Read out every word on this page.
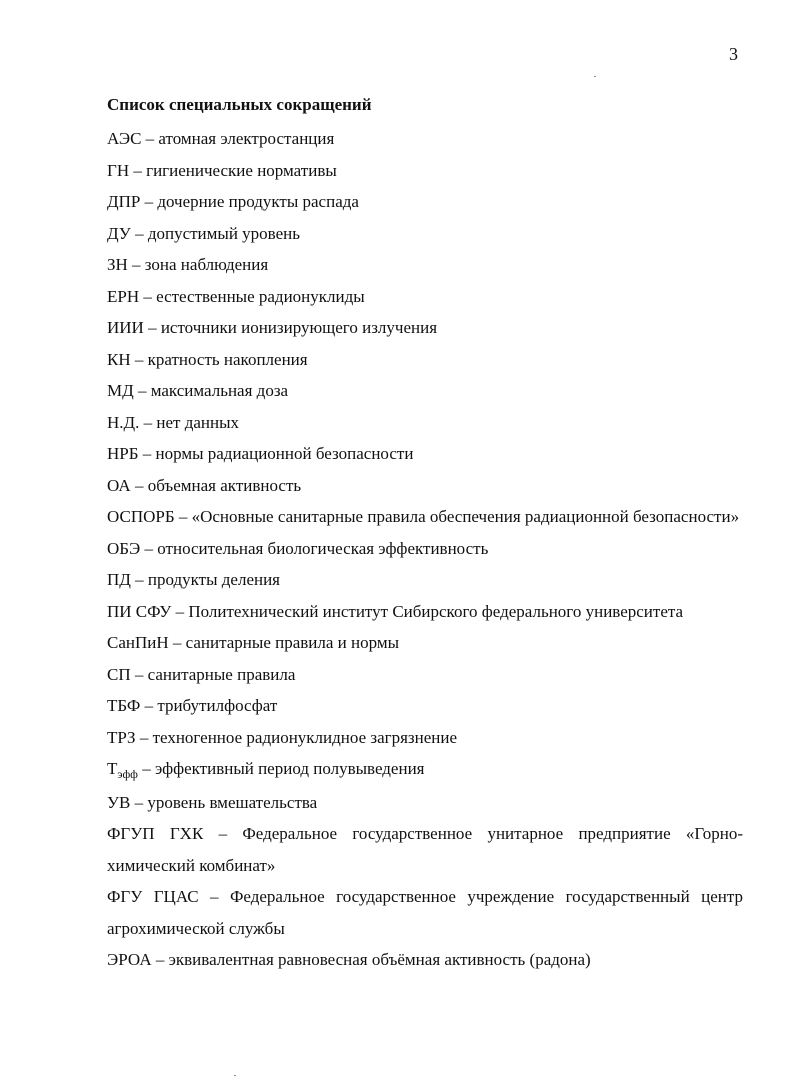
3
Список специальных сокращений

АЭС – атомная электростанция

ГН – гигиенические нормативы

ДПР – дочерние продукты распада

ДУ – допустимый уровень

ЗН – зона наблюдения

ЕРН – естественные радионуклиды

ИИИ – источники ионизирующего излучения

КН – кратность накопления

МД – максимальная доза

Н.Д. – нет данных

НРБ – нормы радиационной безопасности

ОА – объемная активность

ОСПОРБ – «Основные санитарные правила обеспечения радиационной безопасности»

ОБЭ – относительная биологическая эффективность

ПД – продукты деления

ПИ СФУ – Политехнический институт Сибирского федерального университета

СанПиН – санитарные правила и нормы

СП – санитарные правила

ТБФ – трибутилфосфат

ТРЗ – техногенное радионуклидное загрязнение

$Т_{эфф}$ – эффективный период полувыведения

УВ – уровень вмешательства

ФГУП ГХК – Федеральное государственное унитарное предприятие «Горно-химический комбинат»

ФГУ ГЦАС – Федеральное государственное учреждение государственный центр агрохимической службы

ЭРОА – эквивалентная равновесная объёмная активность (радона)
